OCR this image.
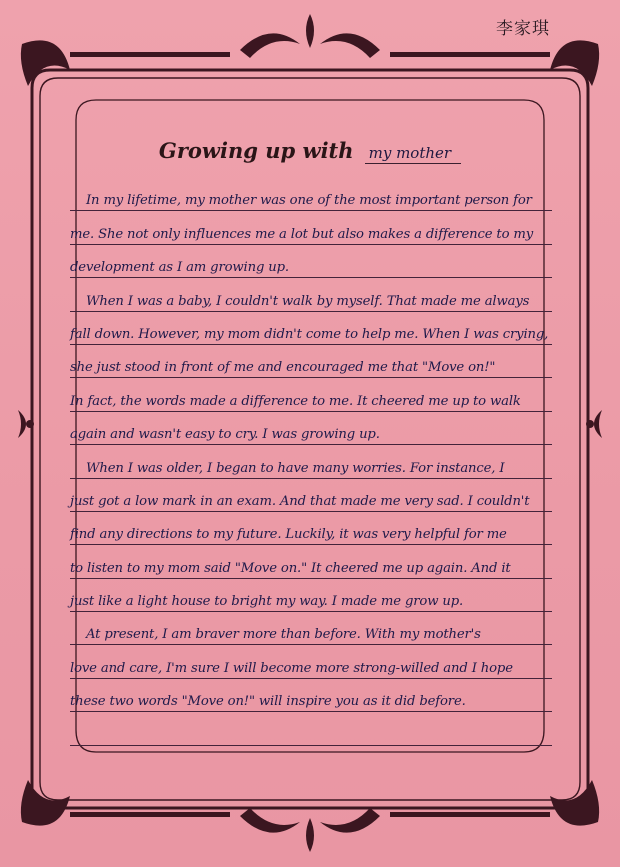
李家琪
Growing up with my mother
In my lifetime, my mother was one of the most important person for
me. She not only influences me a lot but also makes a difference to my
development as I am growing up.
When I was a baby, I couldn't walk by myself. That made me always
fall down. However, my mom didn't come to help me. When I was crying,
she just stood in front of me and encouraged me that "Move on!"
In fact, the words made a difference to me. It cheered me up to walk
again and wasn't easy to cry. I was growing up.
When I was older, I began to have many worries. For instance, I
just got a low mark in an exam. And that made me very sad. I couldn't
find any directions to my future. Luckily, it was very helpful for me
to listen to my mom said "Move on." It cheered me up again. And it
just like a light house to bright my way. I made me grow up.
At present, I am braver more than before. With my mother's
love and care, I'm sure I will become more strong-willed and I hope
these two words "Move on!" will inspire you as it did before.
